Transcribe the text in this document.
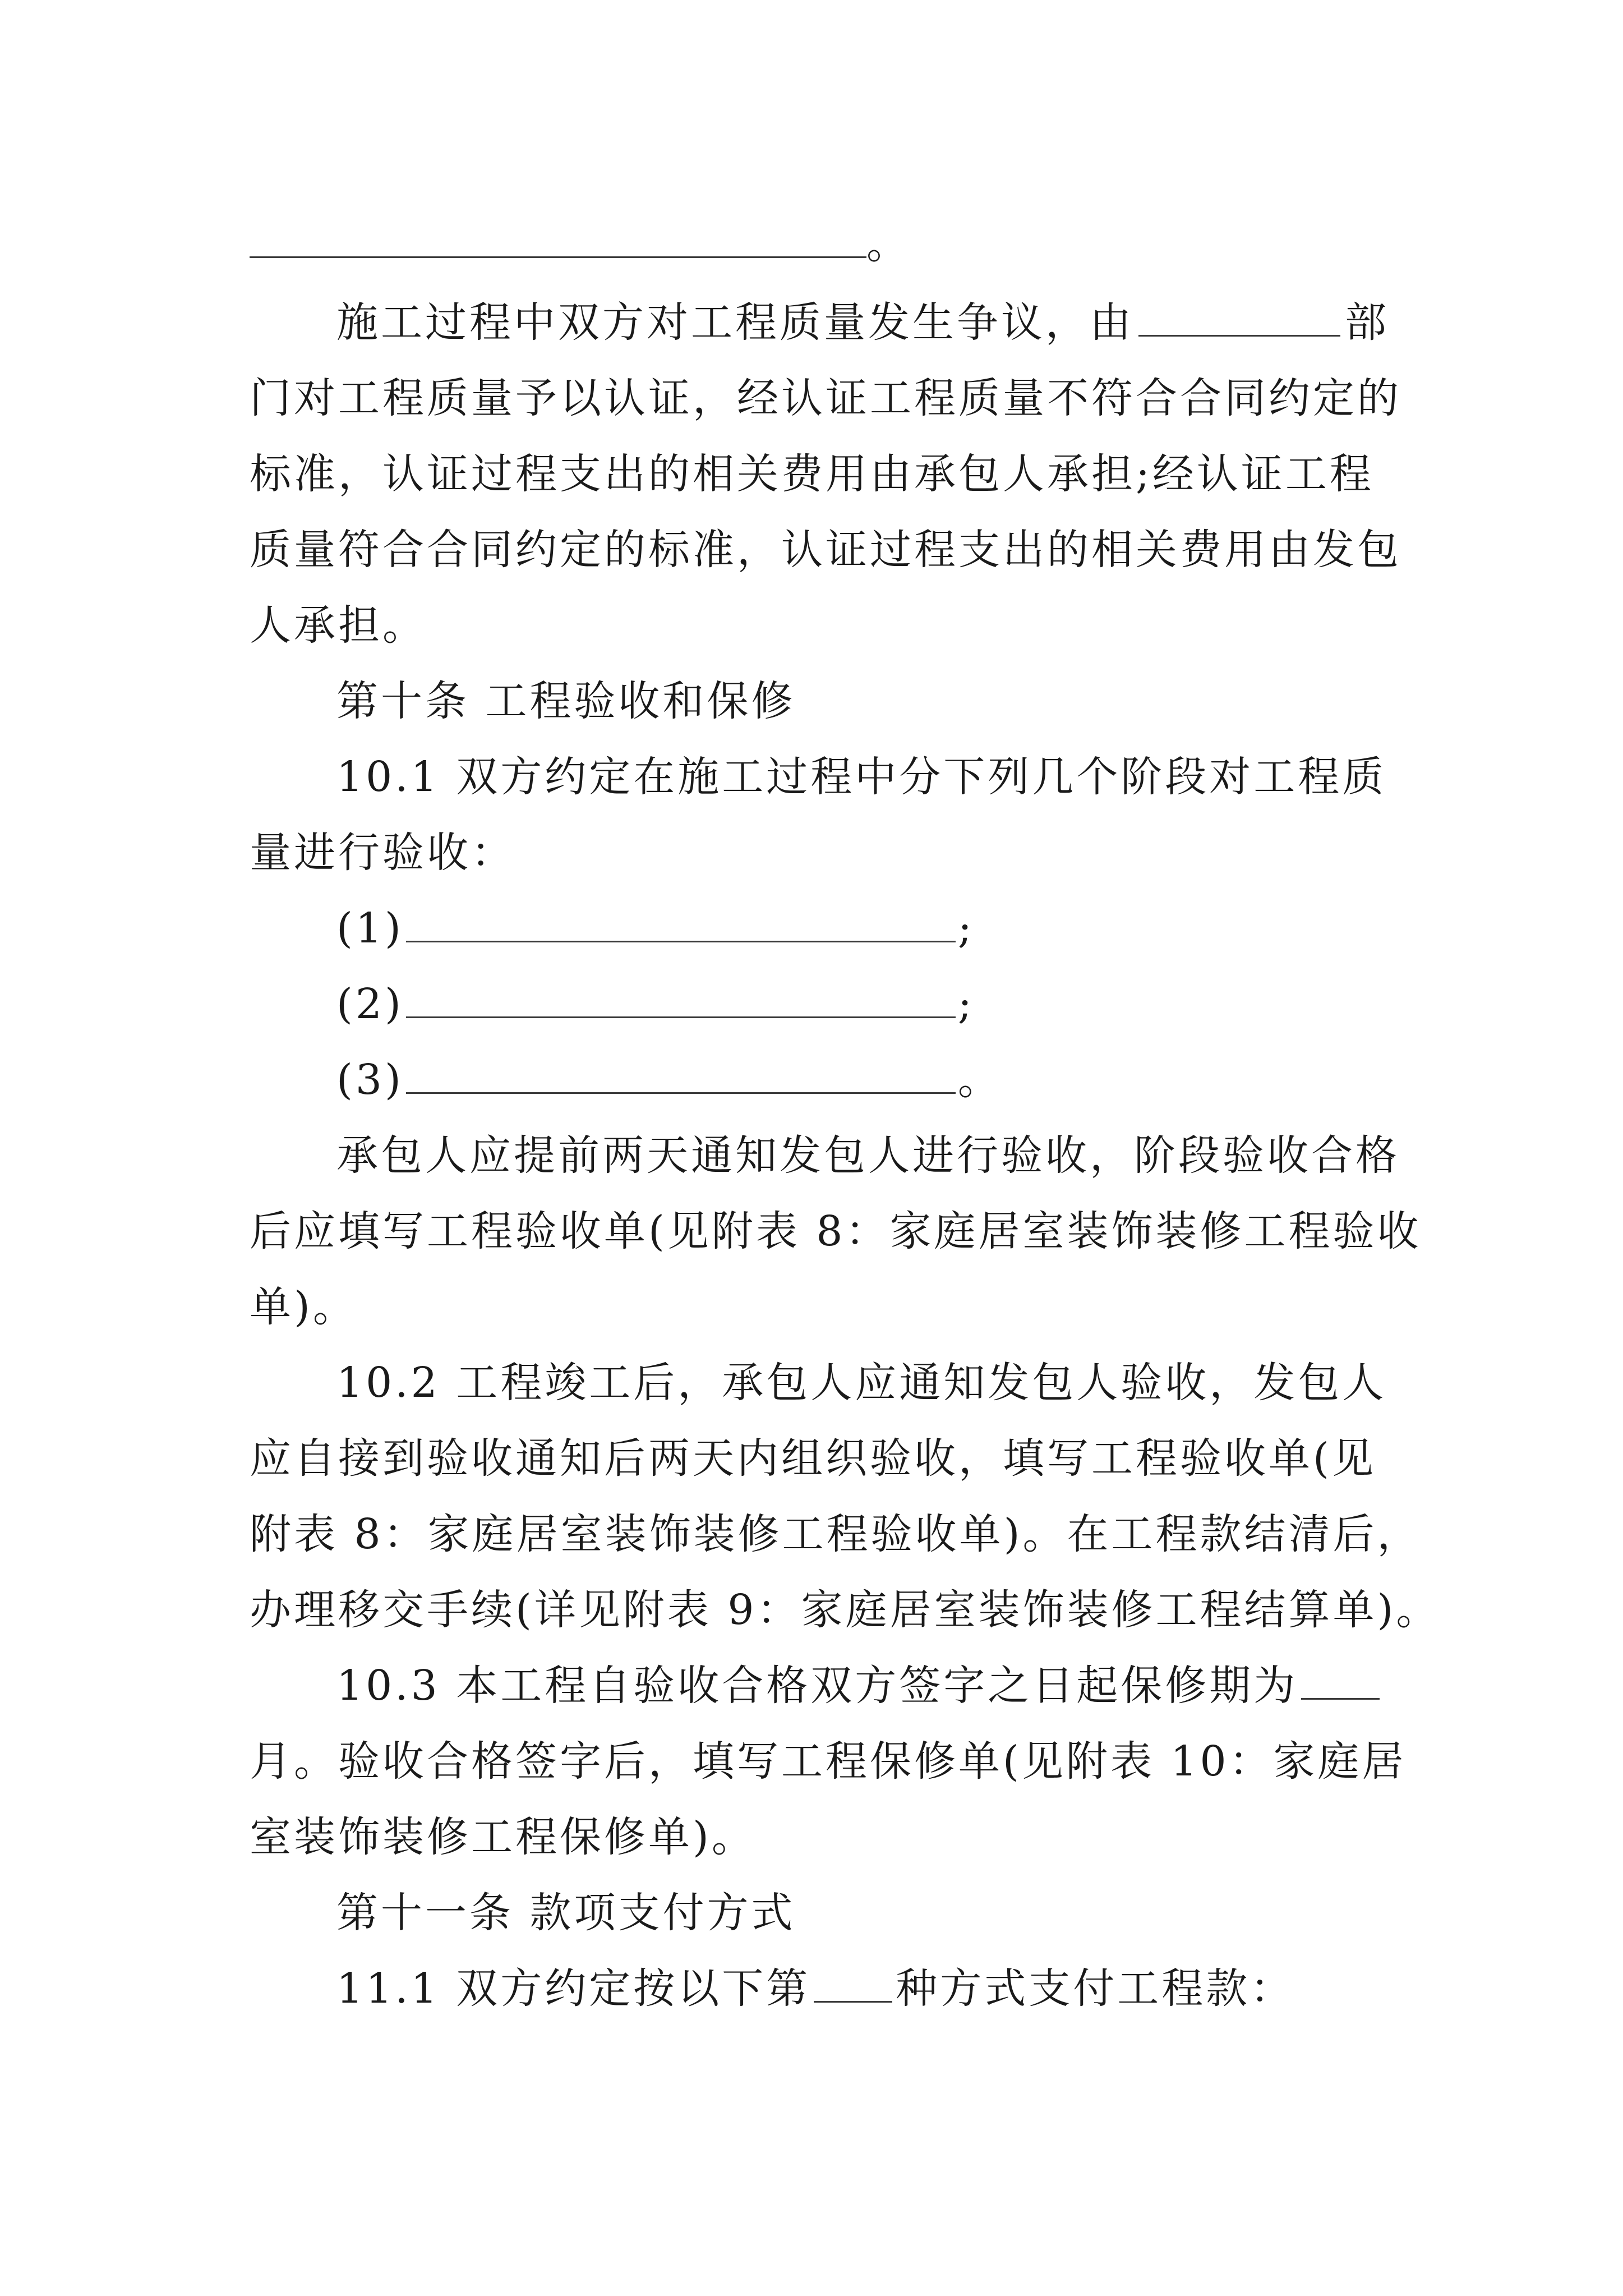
。
施工过程中双方对工程质量发生争议，由	部
门对工程质量予以认证，经认证工程质量不符合合同约定的
标准，认证过程支出的相关费用由承包人承担;经认证工程
质量符合合同约定的标准，认证过程支出的相关费用由发包
人承担。
第十条 工程验收和保修
10.1 双方约定在施工过程中分下列几个阶段对工程质
量进行验收：
(1)	;
(2)	;
(3)	。
承包人应提前两天通知发包人进行验收，阶段验收合格
后应填写工程验收单(见附表 8：家庭居室装饰装修工程验收
单)。
10.2 工程竣工后，承包人应通知发包人验收，发包人
应自接到验收通知后两天内组织验收，填写工程验收单(见
附表 8：家庭居室装饰装修工程验收单)。在工程款结清后，
办理移交手续(详见附表 9：家庭居室装饰装修工程结算单)。
10.3 本工程自验收合格双方签字之日起保修期为
月。验收合格签字后，填写工程保修单(见附表 10：家庭居
室装饰装修工程保修单)。
第十一条 款项支付方式
11.1 双方约定按以下第 种方式支付工程款：
